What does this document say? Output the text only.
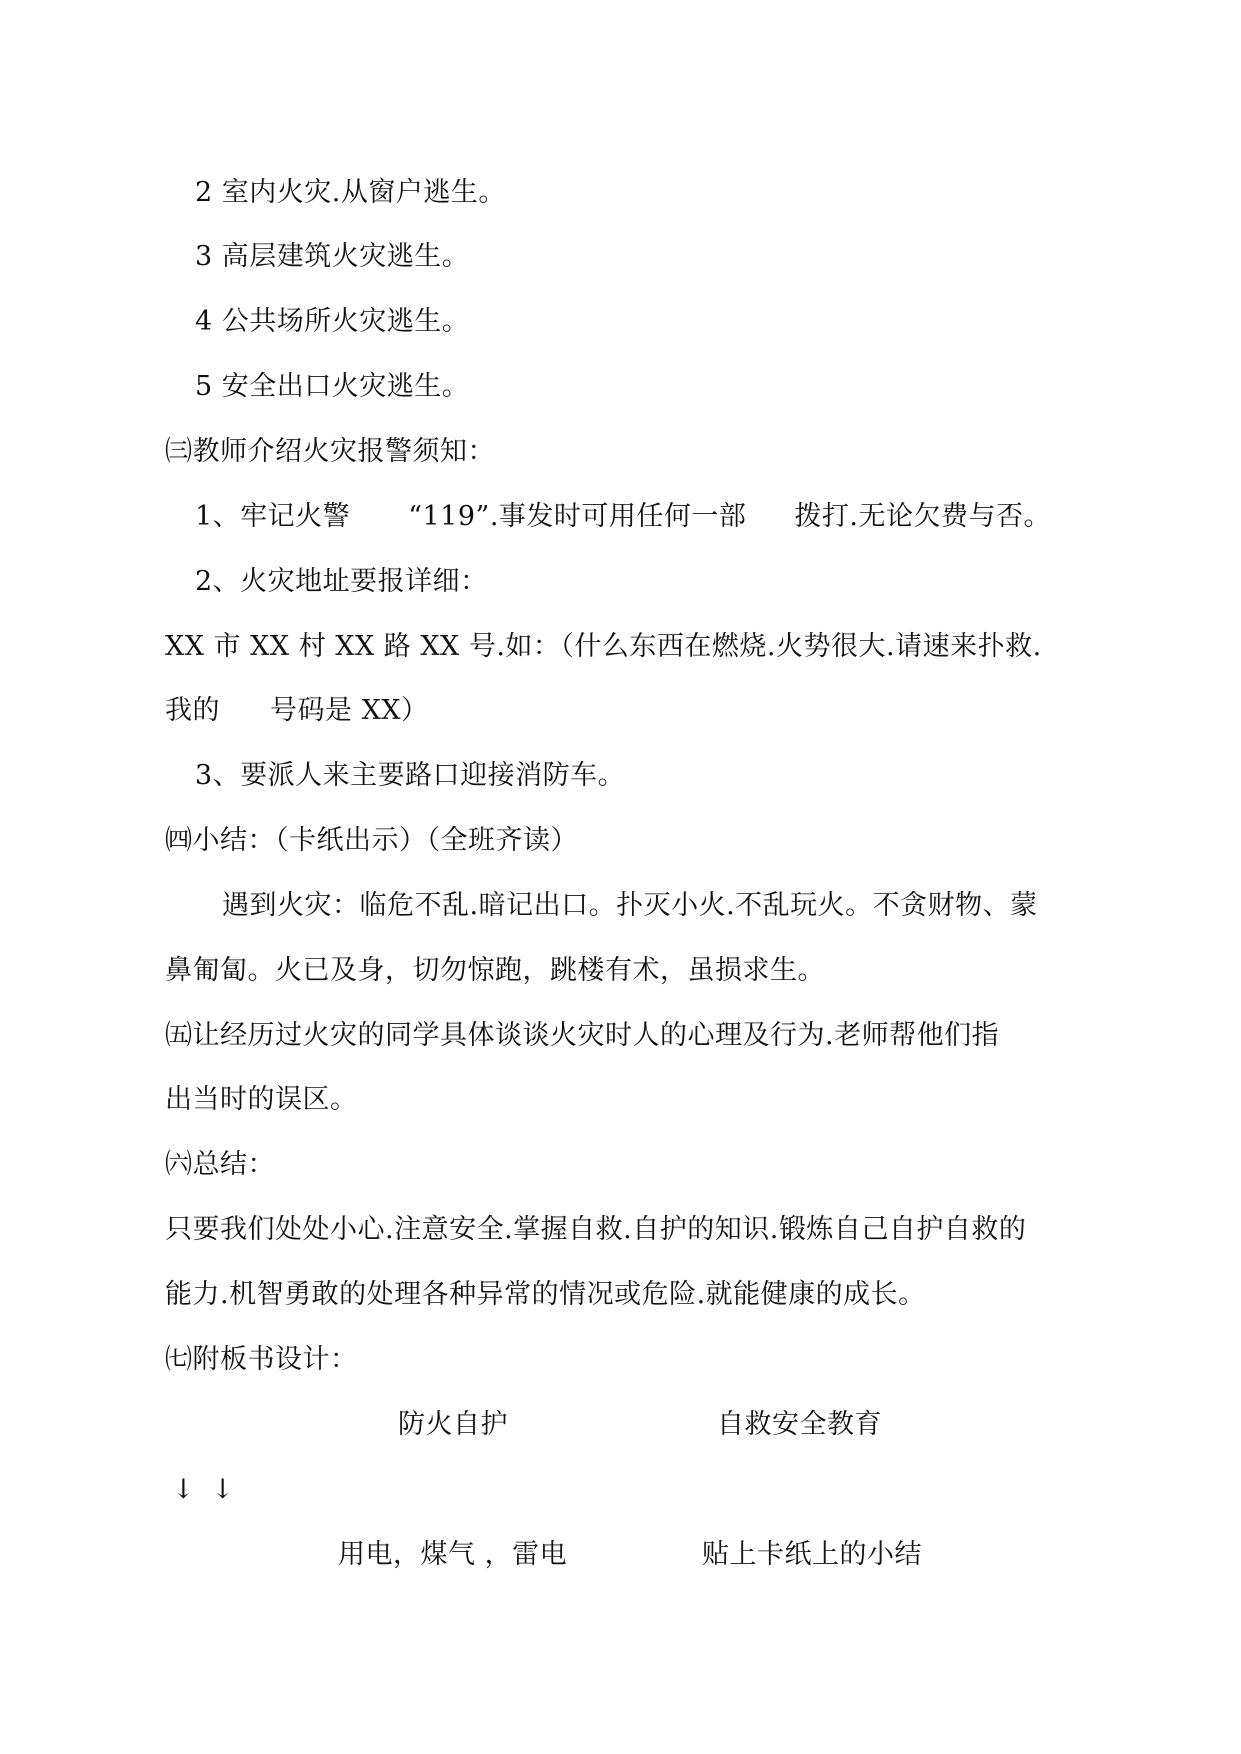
2 室内火灾.从窗户逃生。
3 高层建筑火灾逃生。
4 公共场所火灾逃生。
5 安全出口火灾逃生。
㈢教师介绍火灾报警须知：
1、牢记火警 “119”.事发时可用任何一部 拨打.无论欠费与否。
2、火灾地址要报详细：
XX 市 XX 村 XX 路 XX 号.如：（什么东西在燃烧.火势很大.请速来扑救.
我的 号码是 XX）
3、要派人来主要路口迎接消防车。
㈣小结：（卡纸出示）（全班齐读）
遇到火灾：临危不乱.暗记出口。扑灭小火.不乱玩火。不贪财物、蒙
鼻匍匐。火已及身，切勿惊跑，跳楼有术，虽损求生。
㈤让经历过火灾的同学具体谈谈火灾时人的心理及行为.老师帮他们指
出当时的误区。
㈥总结：
只要我们处处小心.注意安全.掌握自救.自护的知识.锻炼自己自护自救的
能力.机智勇敢的处理各种异常的情况或危险.就能健康的成长。
㈦附板书设计：
防火自护	自救安全教育
↓ ↓
用电，煤气 ，雷电	贴上卡纸上的小结
